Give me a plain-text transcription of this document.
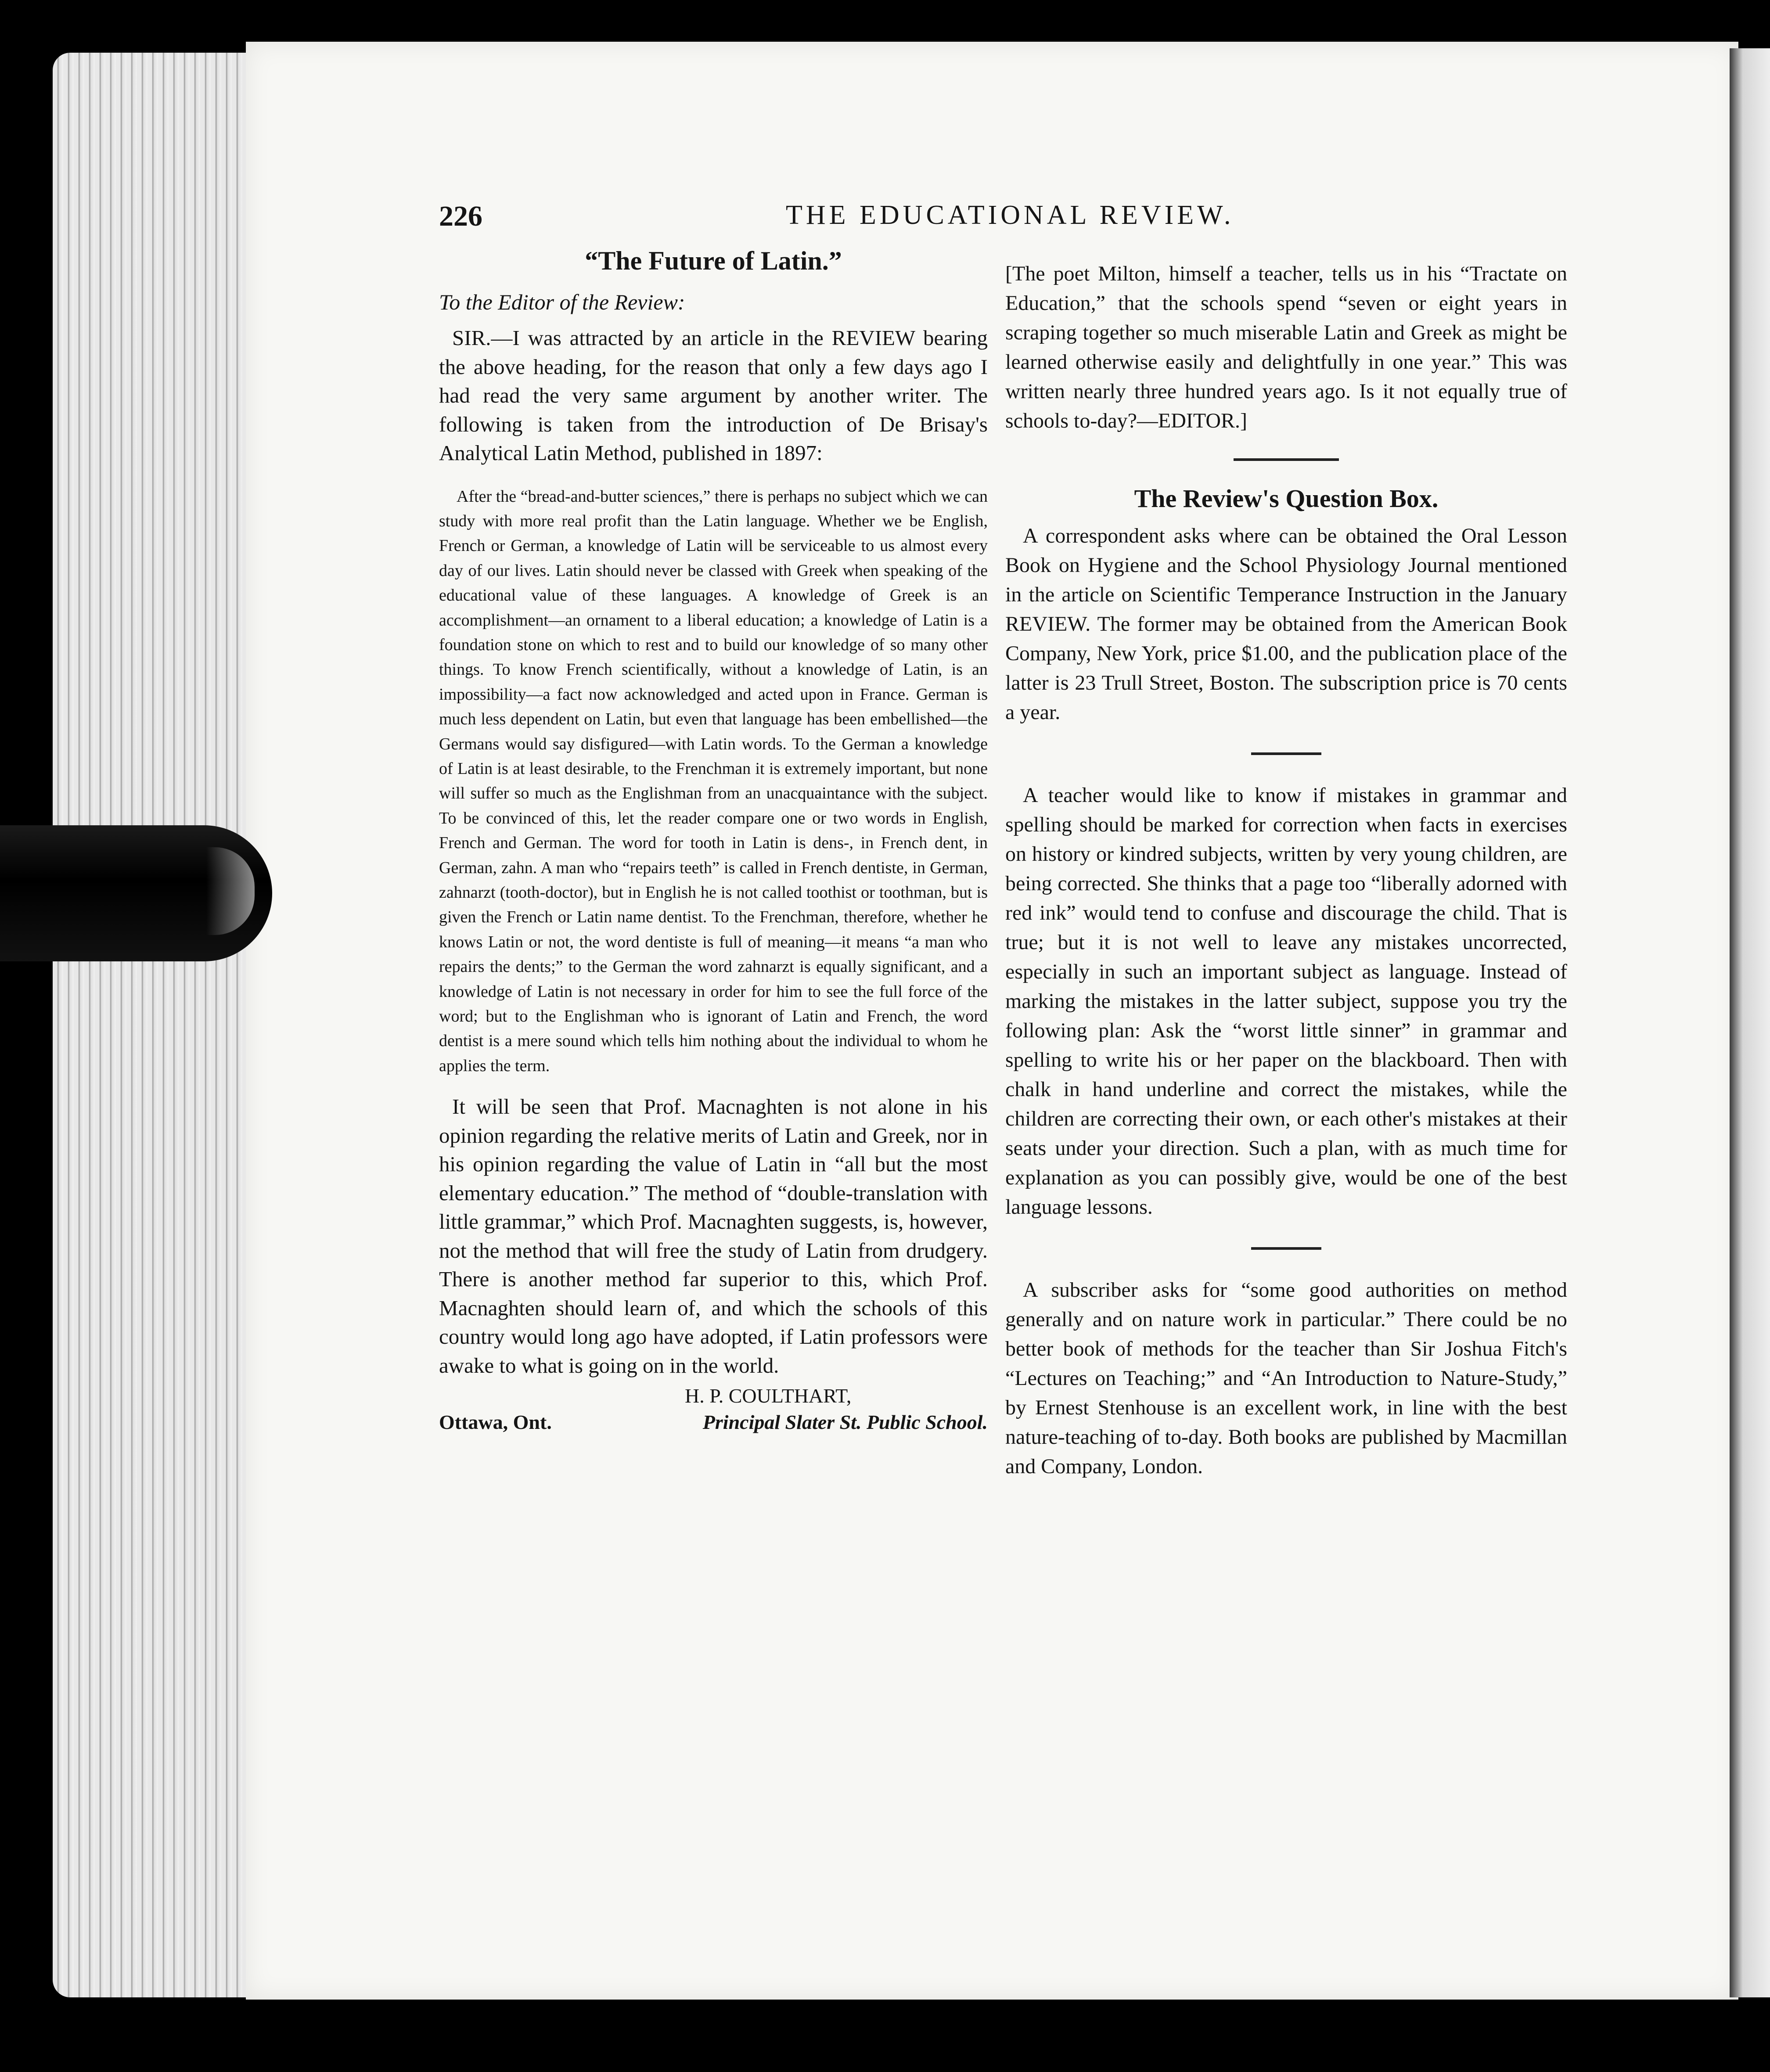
226	THE EDUCATIONAL REVIEW.
“The Future of Latin.”

To the Editor of the Review:

SIR.—I was attracted by an article in the REVIEW bearing the above heading, for the reason that only a few days ago I had read the very same argument by another writer. The following is taken from the introduction of De Brisay's Analytical Latin Method, published in 1897:

After the “bread-and-butter sciences,” there is perhaps no subject which we can study with more real profit than the Latin language. Whether we be English, French or German, a knowledge of Latin will be serviceable to us almost every day of our lives. Latin should never be classed with Greek when speaking of the educational value of these languages. A knowledge of Greek is an accomplishment—an ornament to a liberal education; a knowledge of Latin is a foundation stone on which to rest and to build our knowledge of so many other things. To know French scientifically, without a knowledge of Latin, is an impossibility—a fact now acknowledged and acted upon in France. German is much less dependent on Latin, but even that language has been embellished—the Germans would say disfigured—with Latin words. To the German a knowledge of Latin is at least desirable, to the Frenchman it is extremely important, but none will suffer so much as the Englishman from an unacquaintance with the subject. To be convinced of this, let the reader compare one or two words in English, French and German. The word for tooth in Latin is dens-, in French dent, in German, zahn. A man who “repairs teeth” is called in French dentiste, in German, zahnarzt (tooth-doctor), but in English he is not called toothist or toothman, but is given the French or Latin name dentist. To the Frenchman, therefore, whether he knows Latin or not, the word dentiste is full of meaning—it means “a man who repairs the dents;” to the German the word zahnarzt is equally significant, and a knowledge of Latin is not necessary in order for him to see the full force of the word; but to the Englishman who is ignorant of Latin and French, the word dentist is a mere sound which tells him nothing about the individual to whom he applies the term.

It will be seen that Prof. Macnaghten is not alone in his opinion regarding the relative merits of Latin and Greek, nor in his opinion regarding the value of Latin in “all but the most elementary education.” The method of “double-translation with little grammar,” which Prof. Macnaghten suggests, is, however, not the method that will free the study of Latin from drudgery. There is another method far superior to this, which Prof. Macnaghten should learn of, and which the schools of this country would long ago have adopted, if Latin professors were awake to what is going on in the world.

H. P. COULTHART,
Ottawa, Ont.	Principal Slater St. Public School.

[The poet Milton, himself a teacher, tells us in his “Tractate on Education,” that the schools spend “seven or eight years in scraping together so much miserable Latin and Greek as might be learned otherwise easily and delightfully in one year.” This was written nearly three hundred years ago. Is it not equally true of schools to-day?—EDITOR.]

The Review's Question Box.

A correspondent asks where can be obtained the Oral Lesson Book on Hygiene and the School Physiology Journal mentioned in the article on Scientific Temperance Instruction in the January REVIEW. The former may be obtained from the American Book Company, New York, price $1.00, and the publication place of the latter is 23 Trull Street, Boston. The subscription price is 70 cents a year.

A teacher would like to know if mistakes in grammar and spelling should be marked for correction when facts in exercises on history or kindred subjects, written by very young children, are being corrected. She thinks that a page too “liberally adorned with red ink” would tend to confuse and discourage the child. That is true; but it is not well to leave any mistakes uncorrected, especially in such an important subject as language. Instead of marking the mistakes in the latter subject, suppose you try the following plan: Ask the “worst little sinner” in grammar and spelling to write his or her paper on the blackboard. Then with chalk in hand underline and correct the mistakes, while the children are correcting their own, or each other's mistakes at their seats under your direction. Such a plan, with as much time for explanation as you can possibly give, would be one of the best language lessons.

A subscriber asks for “some good authorities on method generally and on nature work in particular.” There could be no better book of methods for the teacher than Sir Joshua Fitch's “Lectures on Teaching;” and “An Introduction to Nature-Study,” by Ernest Stenhouse is an excellent work, in line with the best nature-teaching of to-day. Both books are published by Macmillan and Company, London.
